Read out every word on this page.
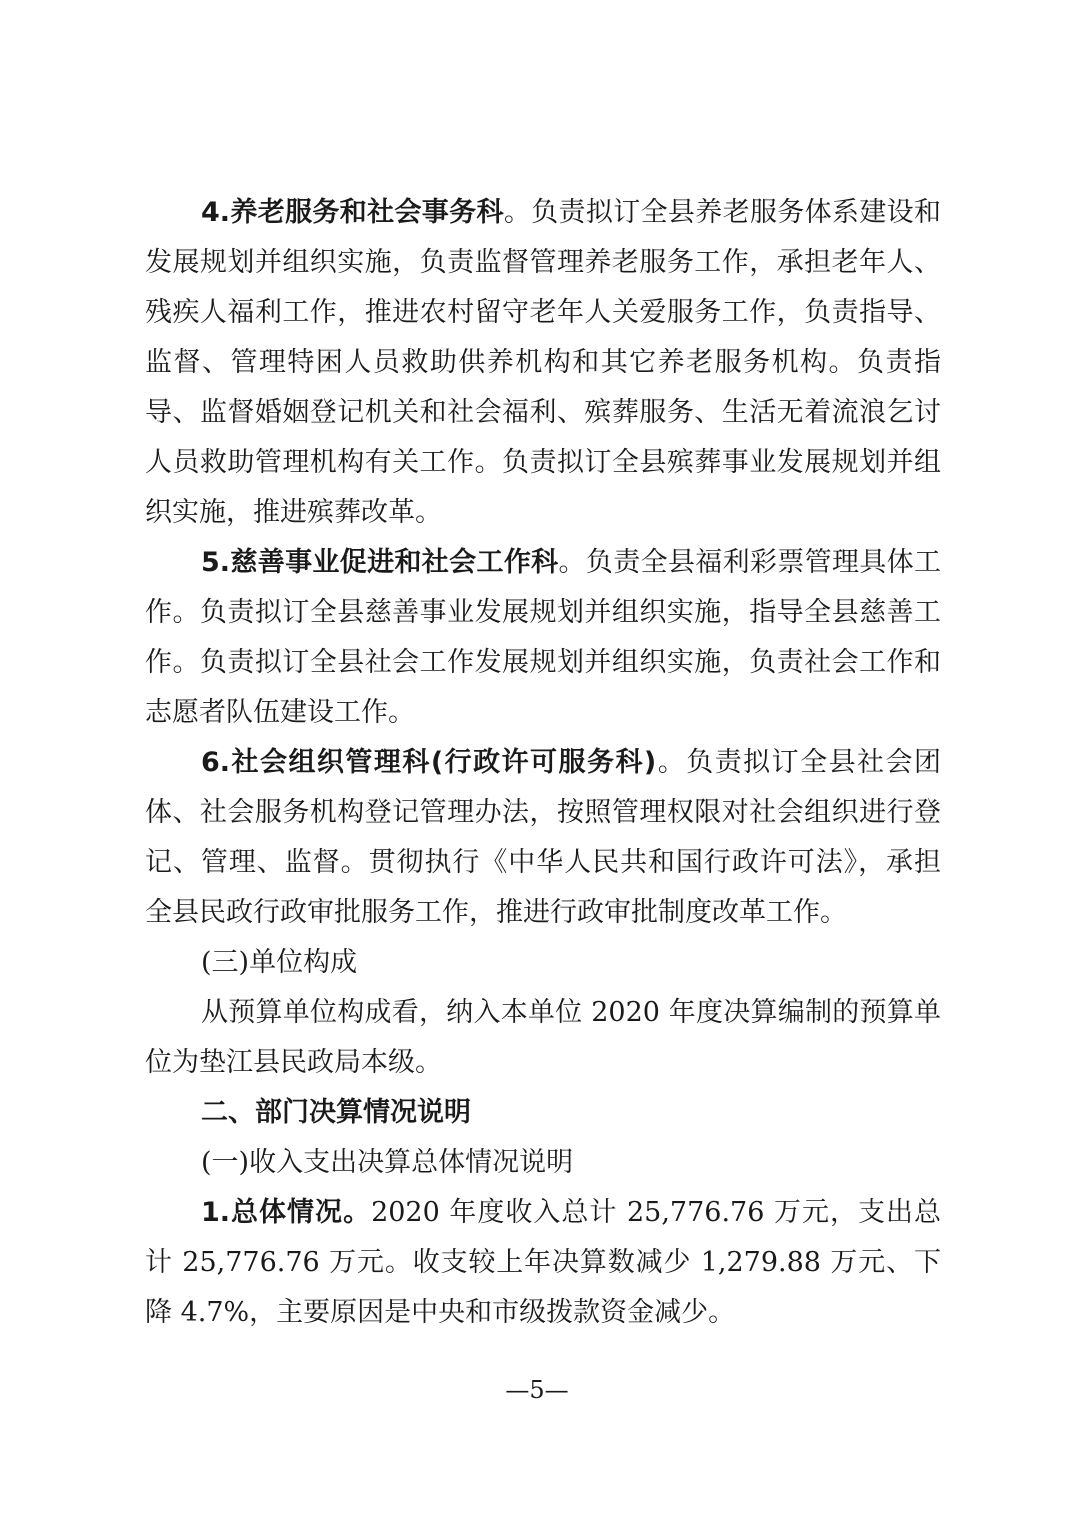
4.养老服务和社会事务科。负责拟订全县养老服务体系建设和发展规划并组织实施，负责监督管理养老服务工作，承担老年人、残疾人福利工作，推进农村留守老年人关爱服务工作，负责指导、监督、管理特困人员救助供养机构和其它养老服务机构。负责指导、监督婚姻登记机关和社会福利、殡葬服务、生活无着流浪乞讨人员救助管理机构有关工作。负责拟订全县殡葬事业发展规划并组织实施，推进殡葬改革。

5.慈善事业促进和社会工作科。负责全县福利彩票管理具体工作。负责拟订全县慈善事业发展规划并组织实施，指导全县慈善工作。负责拟订全县社会工作发展规划并组织实施，负责社会工作和志愿者队伍建设工作。

6.社会组织管理科(行政许可服务科)。负责拟订全县社会团体、社会服务机构登记管理办法，按照管理权限对社会组织进行登记、管理、监督。贯彻执行《中华人民共和国行政许可法》，承担全县民政行政审批服务工作，推进行政审批制度改革工作。

(三)单位构成

从预算单位构成看，纳入本单位 2020 年度决算编制的预算单位为垫江县民政局本级。

二、部门决算情况说明

(一)收入支出决算总体情况说明

1.总体情况。2020 年度收入总计 25,776.76 万元，支出总计 25,776.76 万元。收支较上年决算数减少 1,279.88 万元、下降 4.7%，主要原因是中央和市级拨款资金减少。

—5—
